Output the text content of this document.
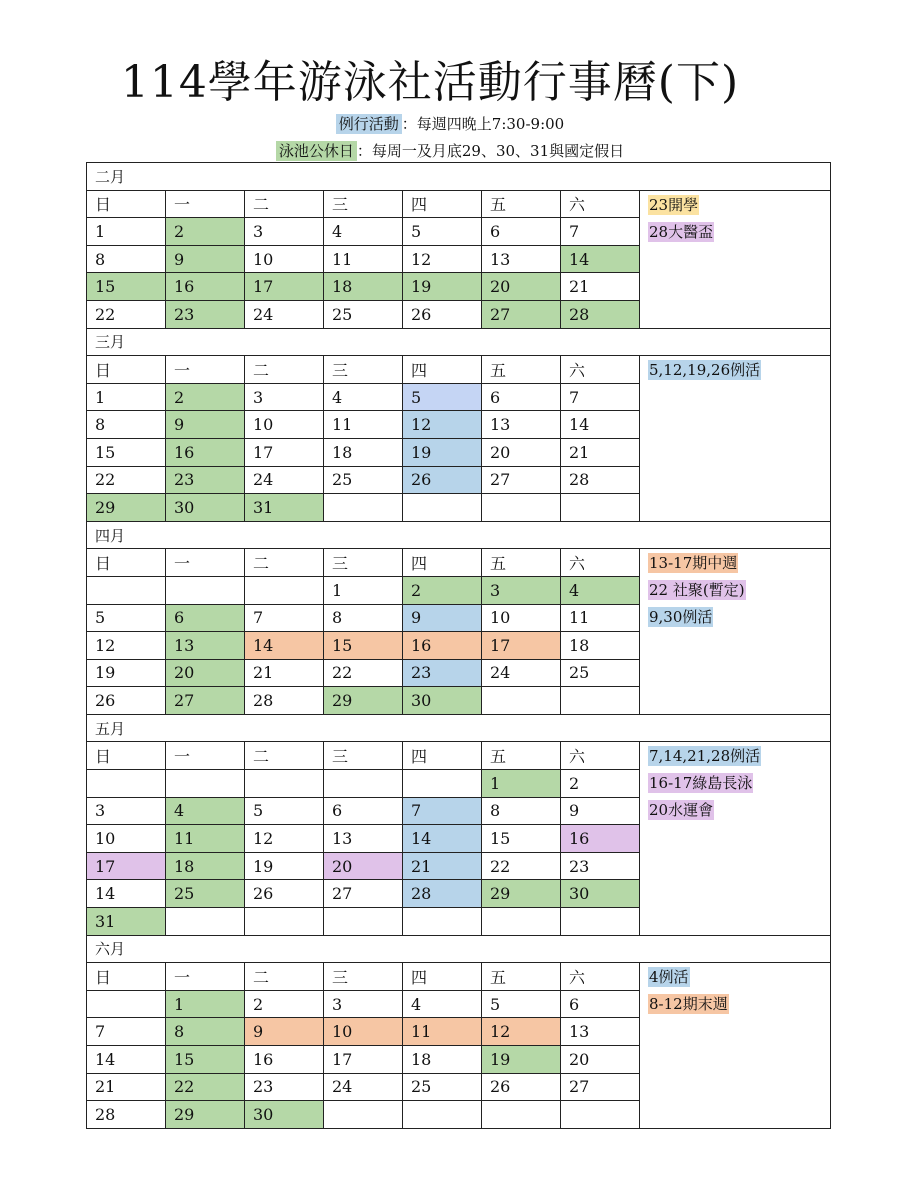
114學年游泳社活動行事曆(下)
例行活動 ：每週四晚上7:30-9:00
泳池公休日 ：每周一及月底29、30、31與國定假日
二月							
日	一	二	三	四	五	六	23開學
28大醫盃

1	2	3	4	5	6	7	
8	9	10	11	12	13	14	
15	16	17	18	19	20	21	
22	23	24	25	26	27	28	
三月							
日	一	二	三	四	五	六	5,12,19,26例活

1	2	3	4	5	6	7	
8	9	10	11	12	13	14	
15	16	17	18	19	20	21	
22	23	24	25	26	27	28	
29	30	31					
四月							
日	一	二	三	四	五	六	13-17期中週
22 社聚(暫定)
9,30例活

			1	2	3	4	
5	6	7	8	9	10	11	
12	13	14	15	16	17	18	
19	20	21	22	23	24	25	
26	27	28	29	30			
五月							
日	一	二	三	四	五	六	7,14,21,28例活
16-17綠島長泳
20水運會

					1	2	
3	4	5	6	7	8	9	
10	11	12	13	14	15	16	
17	18	19	20	21	22	23	
14	25	26	27	28	29	30	
31							
六月							
日	一	二	三	四	五	六	4例活
8-12期末週

	1	2	3	4	5	6	
7	8	9	10	11	12	13	
14	15	16	17	18	19	20	
21	22	23	24	25	26	27	
28	29	30					
